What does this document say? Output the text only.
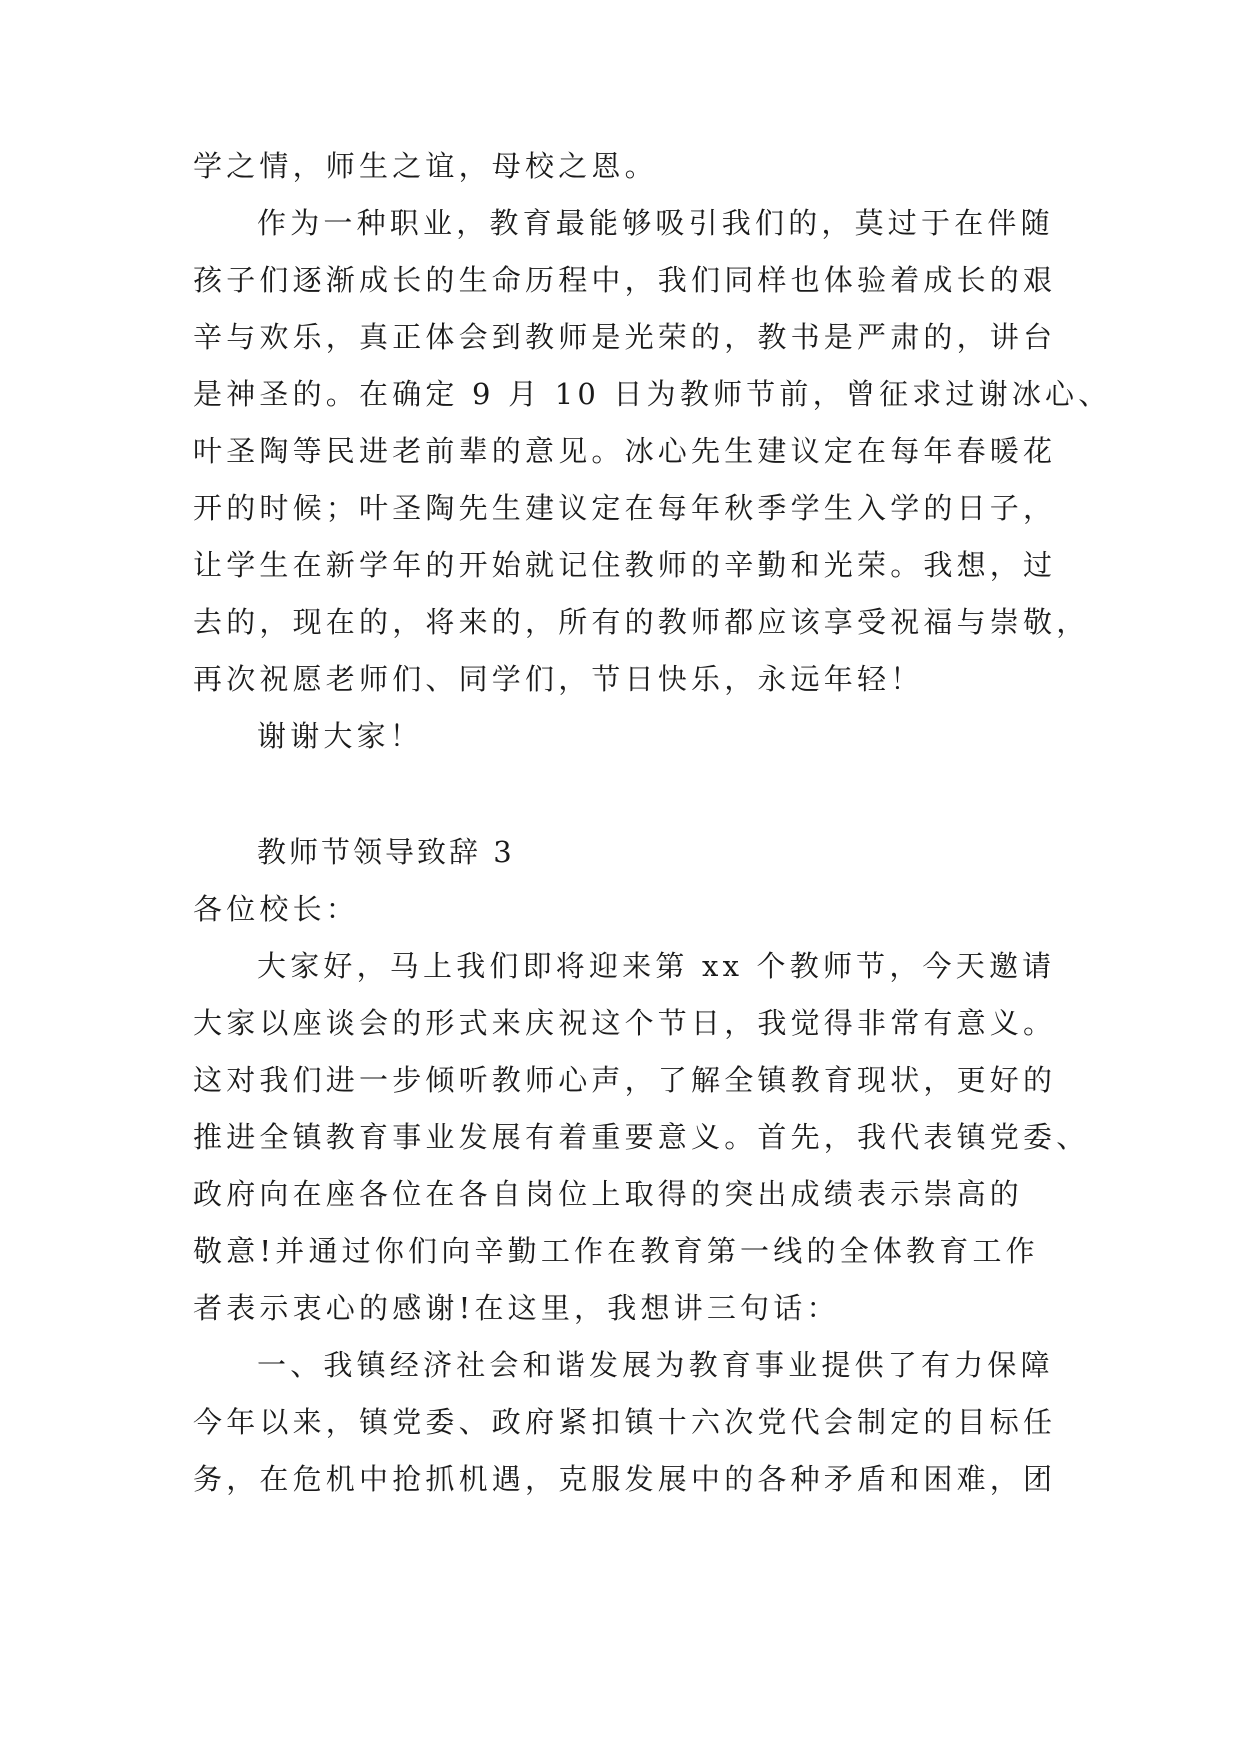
学之情，师生之谊，母校之恩。
作为一种职业，教育最能够吸引我们的，莫过于在伴随
孩子们逐渐成长的生命历程中，我们同样也体验着成长的艰
辛与欢乐，真正体会到教师是光荣的，教书是严肃的，讲台
是神圣的。在确定 9 月 10 日为教师节前，曾征求过谢冰心、
叶圣陶等民进老前辈的意见。冰心先生建议定在每年春暖花
开的时候；叶圣陶先生建议定在每年秋季学生入学的日子，
让学生在新学年的开始就记住教师的辛勤和光荣。我想，过
去的，现在的，将来的，所有的教师都应该享受祝福与崇敬，
再次祝愿老师们、同学们，节日快乐，永远年轻！
谢谢大家！
教师节领导致辞 3
各位校长：
大家好，马上我们即将迎来第 xx 个教师节，今天邀请
大家以座谈会的形式来庆祝这个节日，我觉得非常有意义。
这对我们进一步倾听教师心声，了解全镇教育现状，更好的
推进全镇教育事业发展有着重要意义。首先，我代表镇党委、
政府向在座各位在各自岗位上取得的突出成绩表示崇高的
敬意!并通过你们向辛勤工作在教育第一线的全体教育工作
者表示衷心的感谢!在这里，我想讲三句话：
一、我镇经济社会和谐发展为教育事业提供了有力保障
今年以来，镇党委、政府紧扣镇十六次党代会制定的目标任
务，在危机中抢抓机遇，克服发展中的各种矛盾和困难，团
